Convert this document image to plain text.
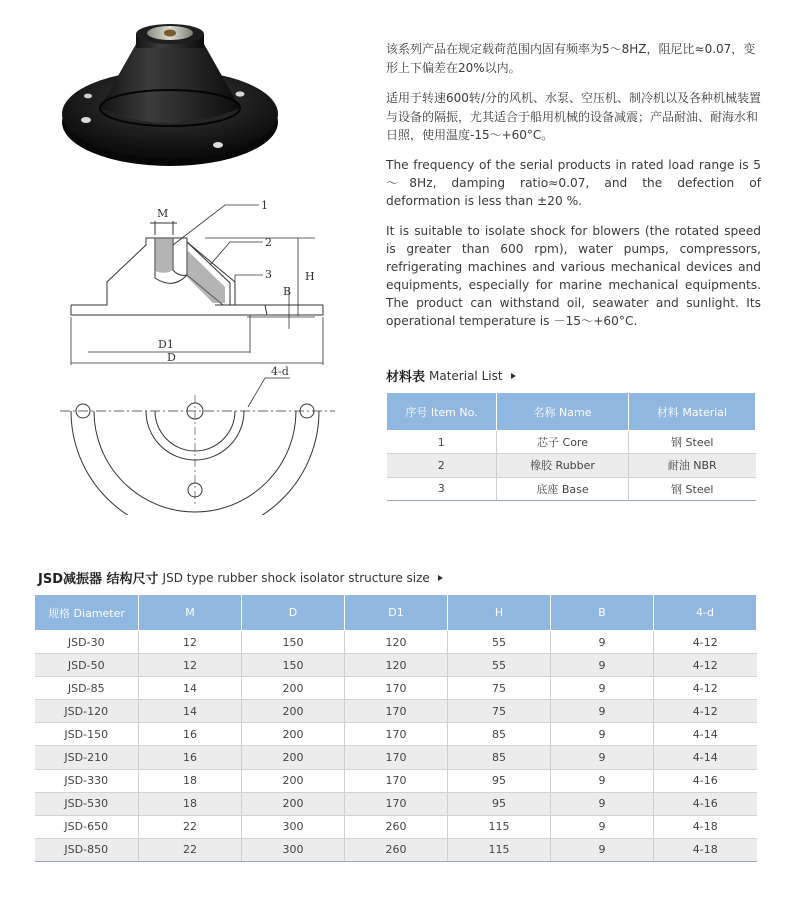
M
1
2
3	H
B
D1
D
4-d

该系列产品在规定载荷范围内固有频率为5～8HZ，阻尼比≈0.07，变形上下偏差在20%以内。

适用于转速600转/分的风机、水泵、空压机、制冷机以及各种机械装置与设备的隔振，尤其适合于船用机械的设备减震；产品耐油、耐海水和日照，使用温度-15～+60°C。

The frequency of the serial products in rated load range is 5～8Hz, damping ratio≈0.07, and the defection of deformation is less than ±20 %.

It is suitable to isolate shock for blowers (the rotated speed is greater than 600 rpm), water pumps, compressors, refrigerating machines and various mechanical devices and equipments, especially for marine mechanical equipments. The product can withstand oil, seawater and sunlight. Its operational temperature is －15～+60°C.

材料表 Material List
序号 Item No.	名称 Name	材料 Material
1	芯子 Core	钢 Steel
2	橡胶 Rubber	耐油 NBR
3	底座 Base	钢 Steel
JSD减振器 结构尺寸 JSD type rubber shock isolator structure size
规格 Diameter	M	D	D1	H	B	4-d
JSD-30	12	150	120	55	9	4-12
JSD-50	12	150	120	55	9	4-12
JSD-85	14	200	170	75	9	4-12
JSD-120	14	200	170	75	9	4-12
JSD-150	16	200	170	85	9	4-14
JSD-210	16	200	170	85	9	4-14
JSD-330	18	200	170	95	9	4-16
JSD-530	18	200	170	95	9	4-16
JSD-650	22	300	260	115	9	4-18
JSD-850	22	300	260	115	9	4-18
